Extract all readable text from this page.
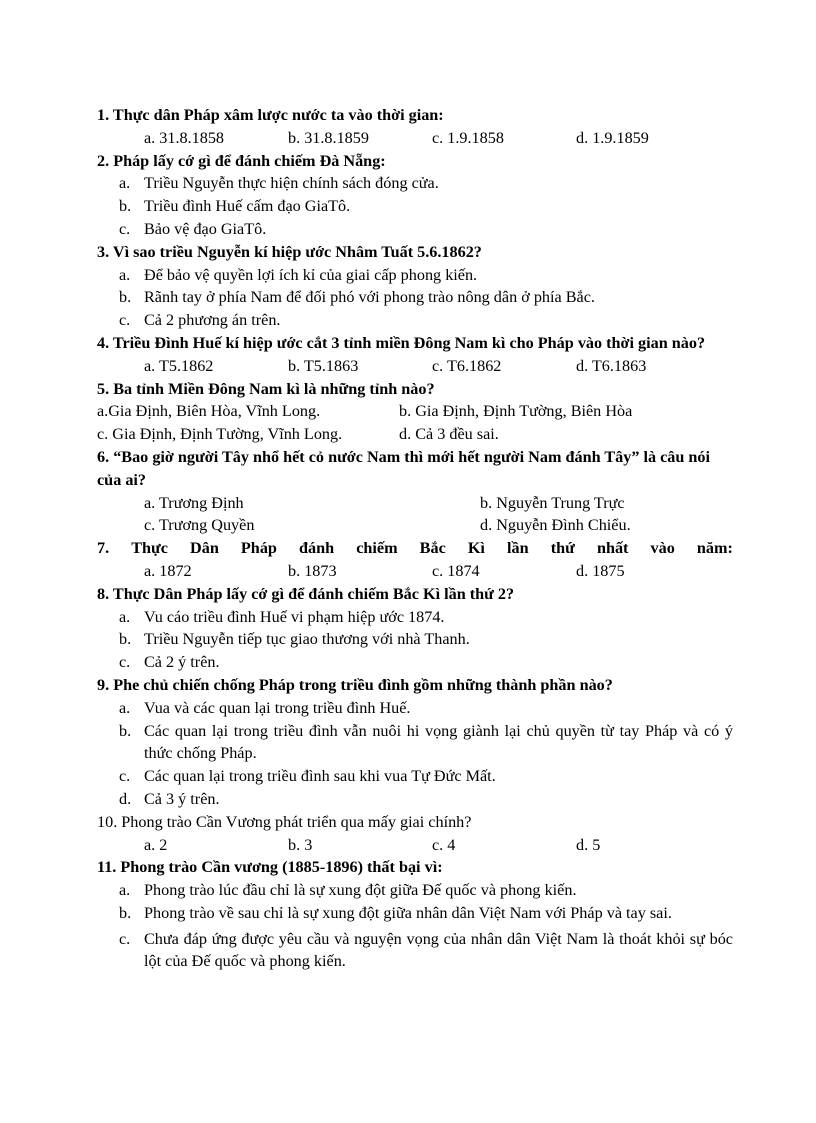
1. Thực dân Pháp xâm lược nước ta vào thời gian:
a. 31.8.1858	b. 31.8.1859	c. 1.9.1858	d. 1.9.1859
2. Pháp lấy cớ gì để đánh chiếm Đà Nẵng:
a. Triều Nguyễn thực hiện chính sách đóng cửa.
b. Triều đình Huế cấm đạo GiaTô.
c. Bảo vệ đạo GiaTô.
3. Vì sao triều Nguyễn kí hiệp ước Nhâm Tuất 5.6.1862?
a. Để bảo vệ quyền lợi ích kỉ của giai cấp phong kiến.
b. Rãnh tay ở phía Nam để đối phó với phong trào nông dân ở phía Bắc.
c. Cả 2 phương án trên.
4. Triều Đình Huế kí hiệp ước cắt 3 tỉnh miền Đông Nam kì cho Pháp vào thời gian nào?
a. T5.1862	b. T5.1863	c. T6.1862	d. T6.1863
5. Ba tỉnh Miền Đông Nam kì là những tỉnh nào?
a.Gia Định, Biên Hòa, Vĩnh Long.	b. Gia Định, Định Tường, Biên Hòa
c. Gia Định, Định Tường, Vĩnh Long.	d. Cả 3 đều sai.
6. “Bao giờ người Tây nhổ hết cỏ nước Nam thì mới hết người Nam đánh Tây” là câu nói của ai?
a. Trương Định	b. Nguyễn Trung Trực
c. Trương Quyền	d. Nguyễn Đình Chiểu.
7. Thực Dân Pháp đánh chiếm Bắc Kì lần thứ nhất vào năm:
a. 1872	b. 1873	c. 1874	d. 1875
8. Thực Dân Pháp lấy cớ gì để đánh chiếm Bắc Kì lần thứ 2?
a. Vu cáo triều đình Huế vi phạm hiệp ước 1874.
b. Triều Nguyễn tiếp tục giao thương với nhà Thanh.
c. Cả 2 ý trên.
9. Phe chủ chiến chống Pháp trong triều đình gồm những thành phần nào?
a. Vua và các quan lại trong triều đình Huế.
b. Các quan lại trong triều đình vẫn nuôi hi vọng giành lại chủ quyền từ tay Pháp và có ý thức chống Pháp.
c. Các quan lại trong triều đình sau khi vua Tự Đức Mất.
d. Cả 3 ý trên.
10. Phong trào Cần Vương phát triển qua mấy giai chính?
a. 2	b. 3	c. 4	d. 5
11. Phong trào Cần vương (1885-1896) thất bại vì:
a. Phong trào lúc đầu chỉ là sự xung đột giữa Đế quốc và phong kiến.
b. Phong trào về sau chỉ là sự xung đột giữa nhân dân Việt Nam với Pháp và tay sai.
c. Chưa đáp ứng được yêu cầu và nguyện vọng của nhân dân Việt Nam là thoát khỏi sự bóc lột của Đế quốc và phong kiến.
